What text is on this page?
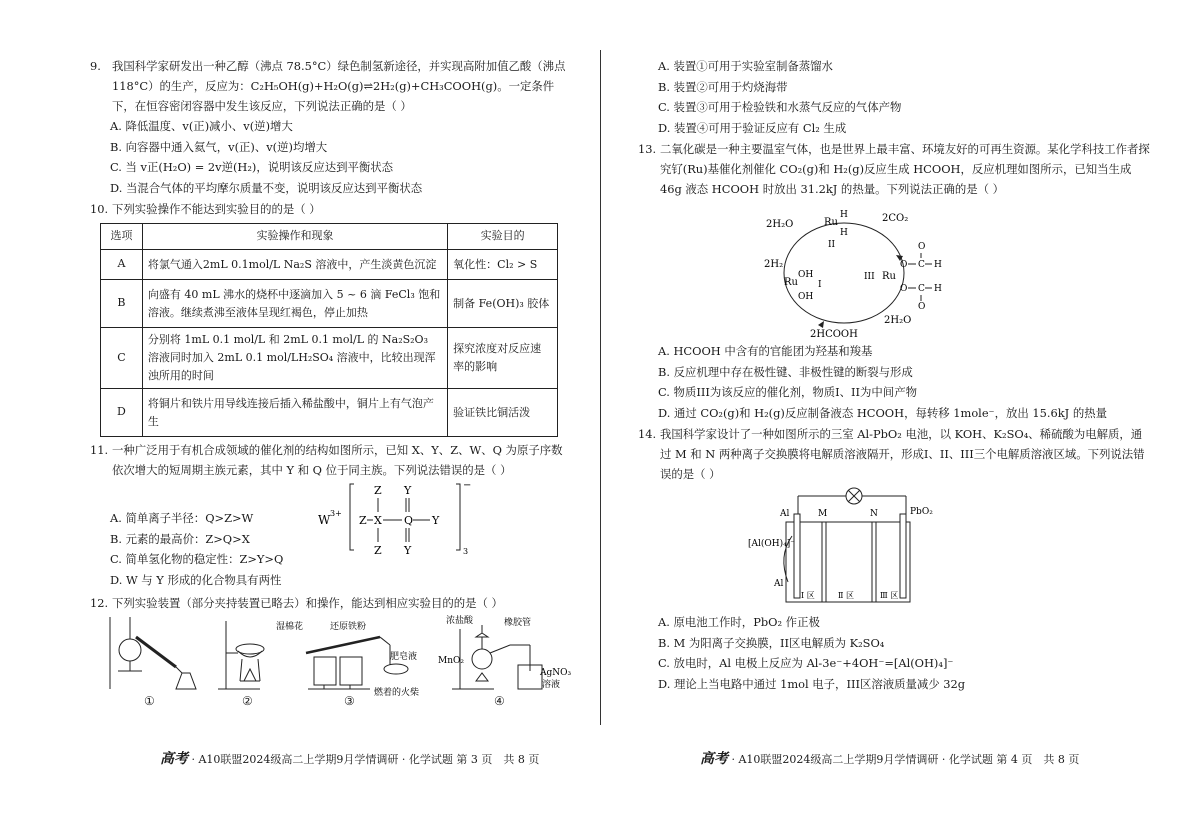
9. 我国科学家研发出一种乙醇（沸点 78.5°C）绿色制氢新途径，并实现高附加值乙酸（沸点 118°C）的生产，反应为：C₂H₅OH(g)+H₂O(g)⇌2H₂(g)+CH₃COOH(g)。一定条件下，在恒容密闭容器中发生该反应，下列说法正确的是（ ）
A. 降低温度、v(正)减小、v(逆)增大
B. 向容器中通入氦气，v(正)、v(逆)均增大
C. 当 v正(H₂O) = 2v逆(H₂)，说明该反应达到平衡状态
D. 当混合气体的平均摩尔质量不变，说明该反应达到平衡状态
10. 下列实验操作不能达到实验目的的是（ ）
选项	实验操作和现象	实验目的
A	将氯气通入2mL 0.1mol/L Na₂S 溶液中，产生淡黄色沉淀	氧化性：Cl₂ > S
B	向盛有 40 mL 沸水的烧杯中逐滴加入 5 ~ 6 滴 FeCl₃ 饱和溶液。继续煮沸至液体呈现红褐色，停止加热	制备 Fe(OH)₃ 胶体
C	分别将 1mL 0.1 mol/L 和 2mL 0.1 mol/L 的 Na₂S₂O₃ 溶液同时加入 2mL 0.1 mol/LH₂SO₄ 溶液中，比较出现浑浊所用的时间	探究浓度对反应速率的影响
D	将铜片和铁片用导线连接后插入稀盐酸中，铜片上有气泡产生	验证铁比铜活泼
11. 一种广泛用于有机合成领域的催化剂的结构如图所示，已知 X、Y、Z、W、Q 为原子序数依次增大的短周期主族元素，其中 Y 和 Q 位于同主族。下列说法错误的是（ ）
A. 简单离子半径：Q>Z>W
B. 元素的最高价：Z>Q>X
C. 简单氢化物的稳定性：Z>Y>Q
D. W 与 Y 形成的化合物具有两性
W 3+
−
3
Z
Z X
Z
Y
Q
Y
Y
12. 下列实验装置（部分夹持装置已略去）和操作，能达到相应实验目的的是（ ）
湿棉花	还原铁粉
肥皂液
燃着的火柴
浓盐酸	橡胶管
MnO₂
AgNO₃
溶液
①	②	③	④
高考 · A10联盟2024级高二上学期9月学情调研 · 化学试题 第 3 页　共 8 页
A. 装置①可用于实验室制备蒸馏水
B. 装置②可用于灼烧海带
C. 装置③可用于检验铁和水蒸气反应的气体产物
D. 装置④可用于验证反应有 Cl₂ 生成
13. 二氧化碳是一种主要温室气体，也是世界上最丰富、环境友好的可再生资源。某化学科技工作者探究钌(Ru)基催化剂催化 CO₂(g)和 H₂(g)反应生成 HCOOH，反应机理如图所示，已知当生成 46g 液态 HCOOH 时放出 31.2kJ 的热量。下列说法正确的是（ ）
Ru
H
H
II
2H₂O
2CO₂
2H₂
Ru
OH
OH
I
III Ru
O
O
C
C
H
H
O
O
2H₂O
2HCOOH
A. HCOOH 中含有的官能团为羟基和羧基
B. 反应机理中存在极性键、非极性键的断裂与形成
C. 物质III为该反应的催化剂，物质I、II为中间产物
D. 通过 CO₂(g)和 H₂(g)反应制备液态 HCOOH，每转移 1mole⁻，放出 15.6kJ 的热量
14. 我国科学家设计了一种如图所示的三室 Al-PbO₂ 电池，以 KOH、K₂SO₄、稀硫酸为电解质，通过 M 和 N 两种离子交换膜将电解质溶液隔开，形成I、II、III三个电解质溶液区域。下列说法错误的是（ ）
Al
[Al(OH)₄]⁻
Al
M	N	PbO₂
Ⅰ 区	Ⅱ 区	Ⅲ 区
A. 原电池工作时，PbO₂ 作正极
B. M 为阳离子交换膜，II区电解质为 K₂SO₄
C. 放电时，Al 电极上反应为 Al-3e⁻+4OH⁻=[Al(OH)₄]⁻
D. 理论上当电路中通过 1mol 电子，III区溶液质量减少 32g
高考 · A10联盟2024级高二上学期9月学情调研 · 化学试题 第 4 页　共 8 页
